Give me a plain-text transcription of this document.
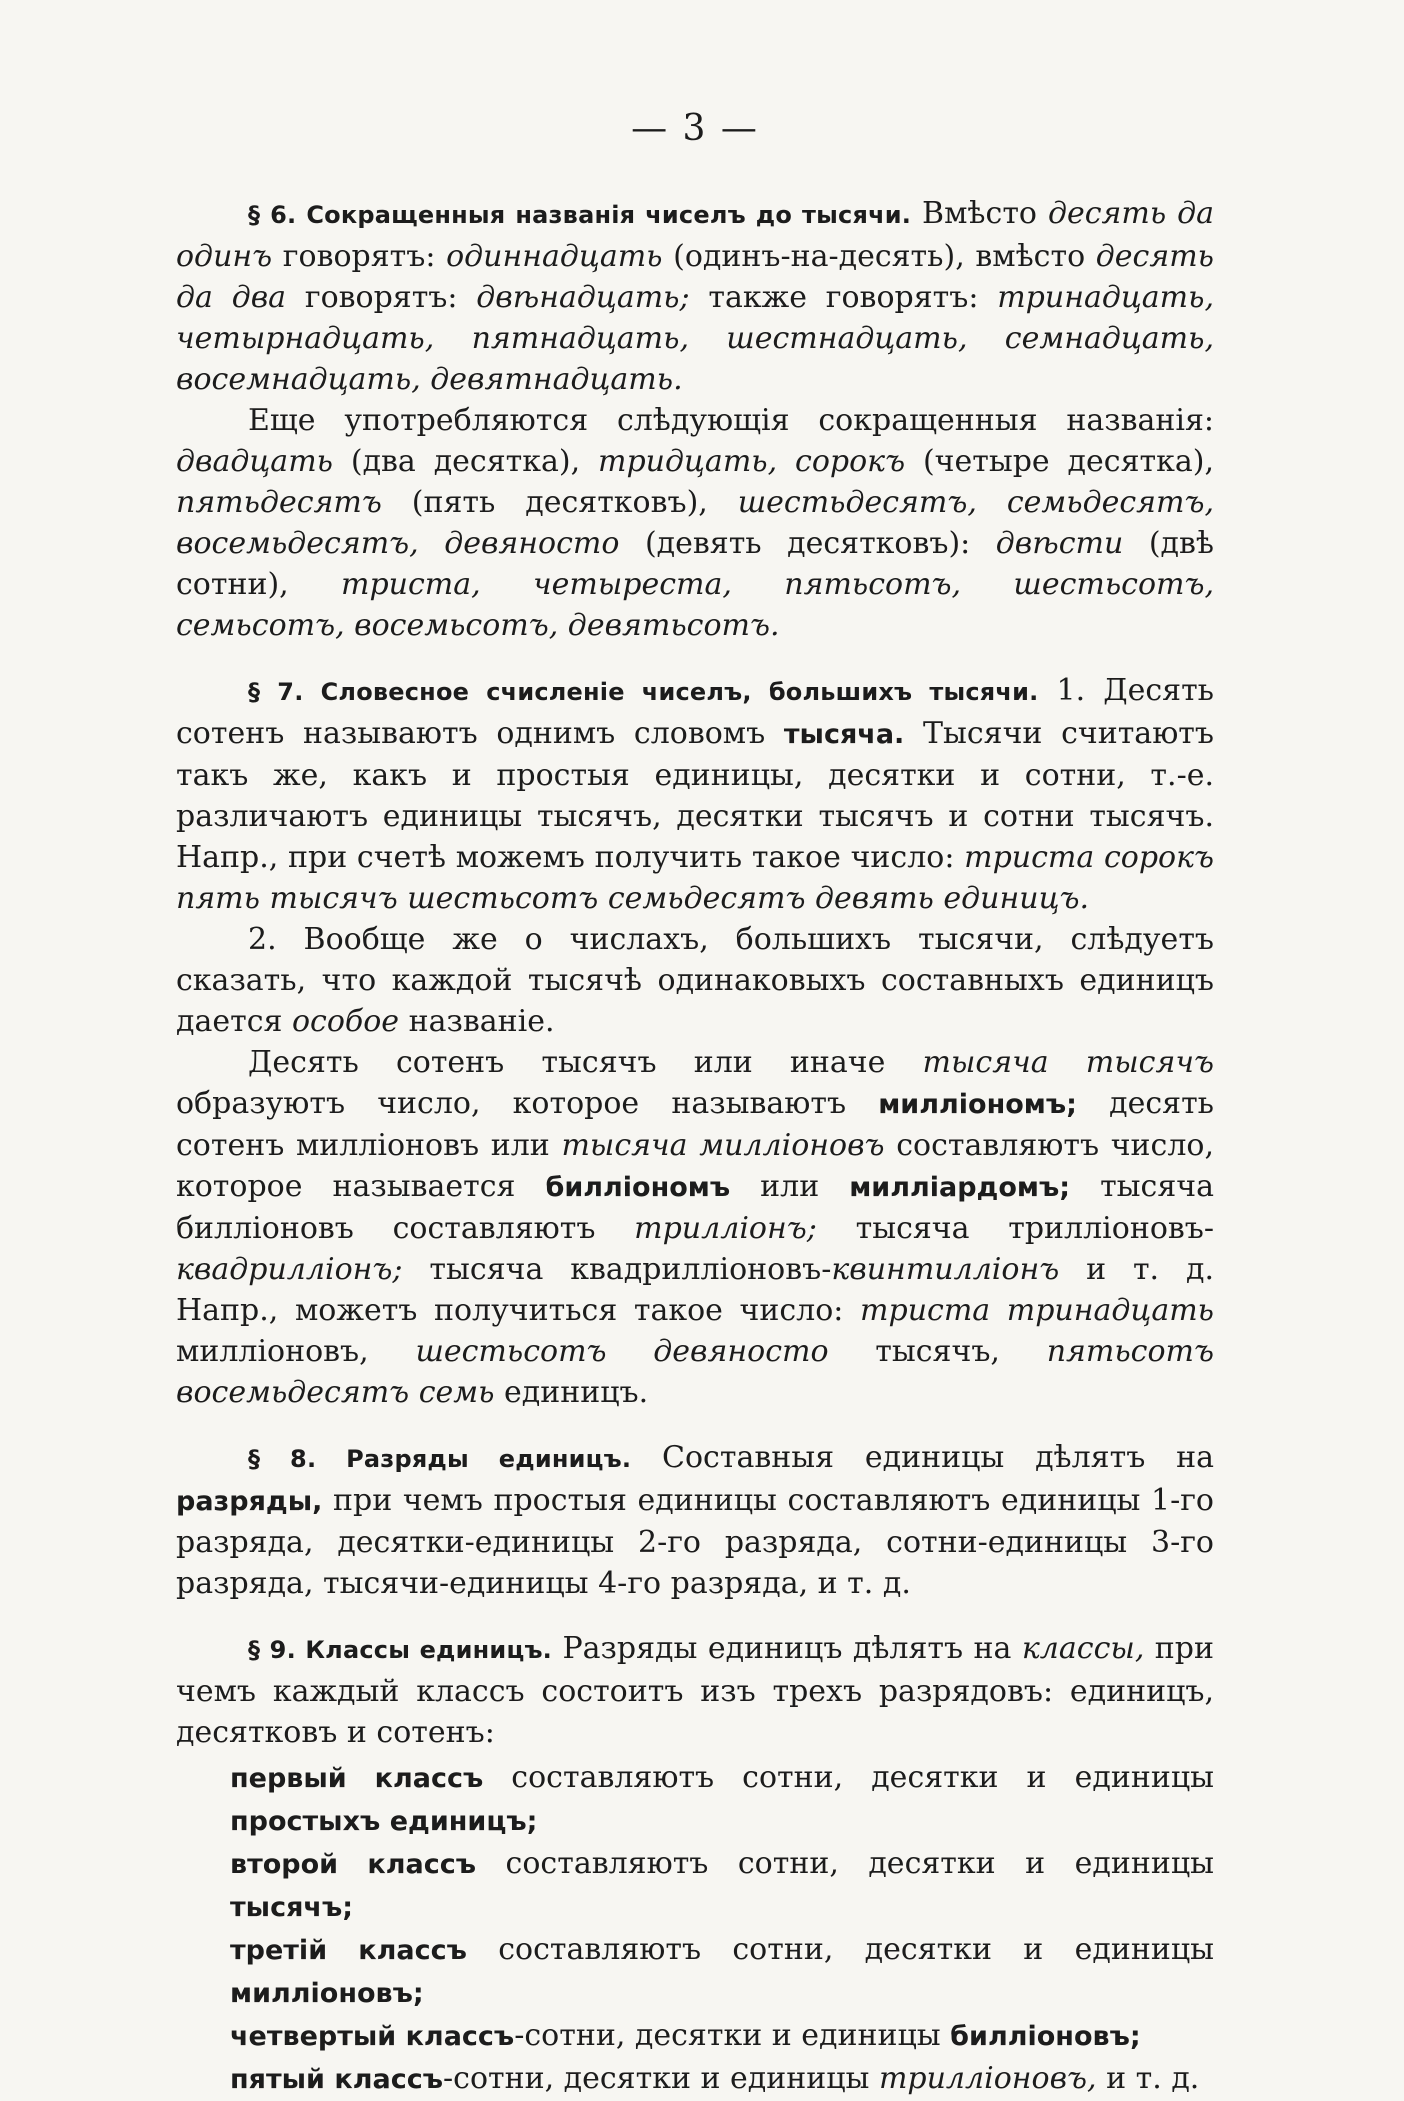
— 3 —

§ 6. Сокращенныя названія чиселъ до тысячи. Вмѣсто десять да одинъ говорятъ: одиннадцать (одинъ-на-десять), вмѣсто десять да два говорятъ: двѣнадцать; также говорятъ: тринадцать, четырнадцать, пятнадцать, шестнадцать, семнадцать, восемнадцать, девятнадцать.

Еще употребляются слѣдующія сокращенныя названія: двадцать (два десятка), тридцать, сорокъ (четыре десятка), пятьдесятъ (пять десятковъ), шестьдесятъ, семьдесятъ, восемьдесятъ, девяносто (девять десятковъ): двѣсти (двѣ сотни), триста, четыреста, пятьсотъ, шестьсотъ, семьсотъ, восемьсотъ, девятьсотъ.

§ 7. Словесное счисленіе чиселъ, большихъ тысячи. 1. Десять сотенъ называютъ однимъ словомъ тысяча. Тысячи считаютъ такъ же, какъ и простыя единицы, десятки и сотни, т.-е. различаютъ единицы тысячъ, десятки тысячъ и сотни тысячъ. Напр., при счетѣ можемъ получить такое число: триста сорокъ пять тысячъ шестьсотъ семьдесятъ девять единицъ.

2. Вообще же о числахъ, большихъ тысячи, слѣдуетъ сказать, что каждой тысячѣ одинаковыхъ составныхъ единицъ дается особое названіе.

Десять сотенъ тысячъ или иначе тысяча тысячъ образуютъ число, которое называютъ милліономъ; десять сотенъ милліоновъ или тысяча милліоновъ составляютъ число, которое называется билліономъ или милліардомъ; тысяча билліоновъ составляютъ трилліонъ; тысяча трилліоновъ-квадрилліонъ; тысяча квадрилліоновъ-квинтилліонъ и т. д. Напр., можетъ получиться такое число: триста тринадцать милліоновъ, шестьсотъ девяносто тысячъ, пятьсотъ восемьдесятъ семь единицъ.

§ 8. Разряды единицъ. Составныя единицы дѣлятъ на разряды, при чемъ простыя единицы составляютъ единицы 1-го разряда, десятки-единицы 2-го разряда, сотни-единицы 3-го разряда, тысячи-единицы 4-го разряда, и т. д.

§ 9. Классы единицъ. Разряды единицъ дѣлятъ на классы, при чемъ каждый классъ состоитъ изъ трехъ разрядовъ: единицъ, десятковъ и сотенъ:

первый классъ составляютъ сотни, десятки и единицы простыхъ единицъ;
второй классъ составляютъ сотни, десятки и единицы тысячъ;
третій классъ составляютъ сотни, десятки и единицы милліоновъ;
четвертый классъ-сотни, десятки и единицы билліоновъ;
пятый классъ-сотни, десятки и единицы трилліоновъ, и т. д.
